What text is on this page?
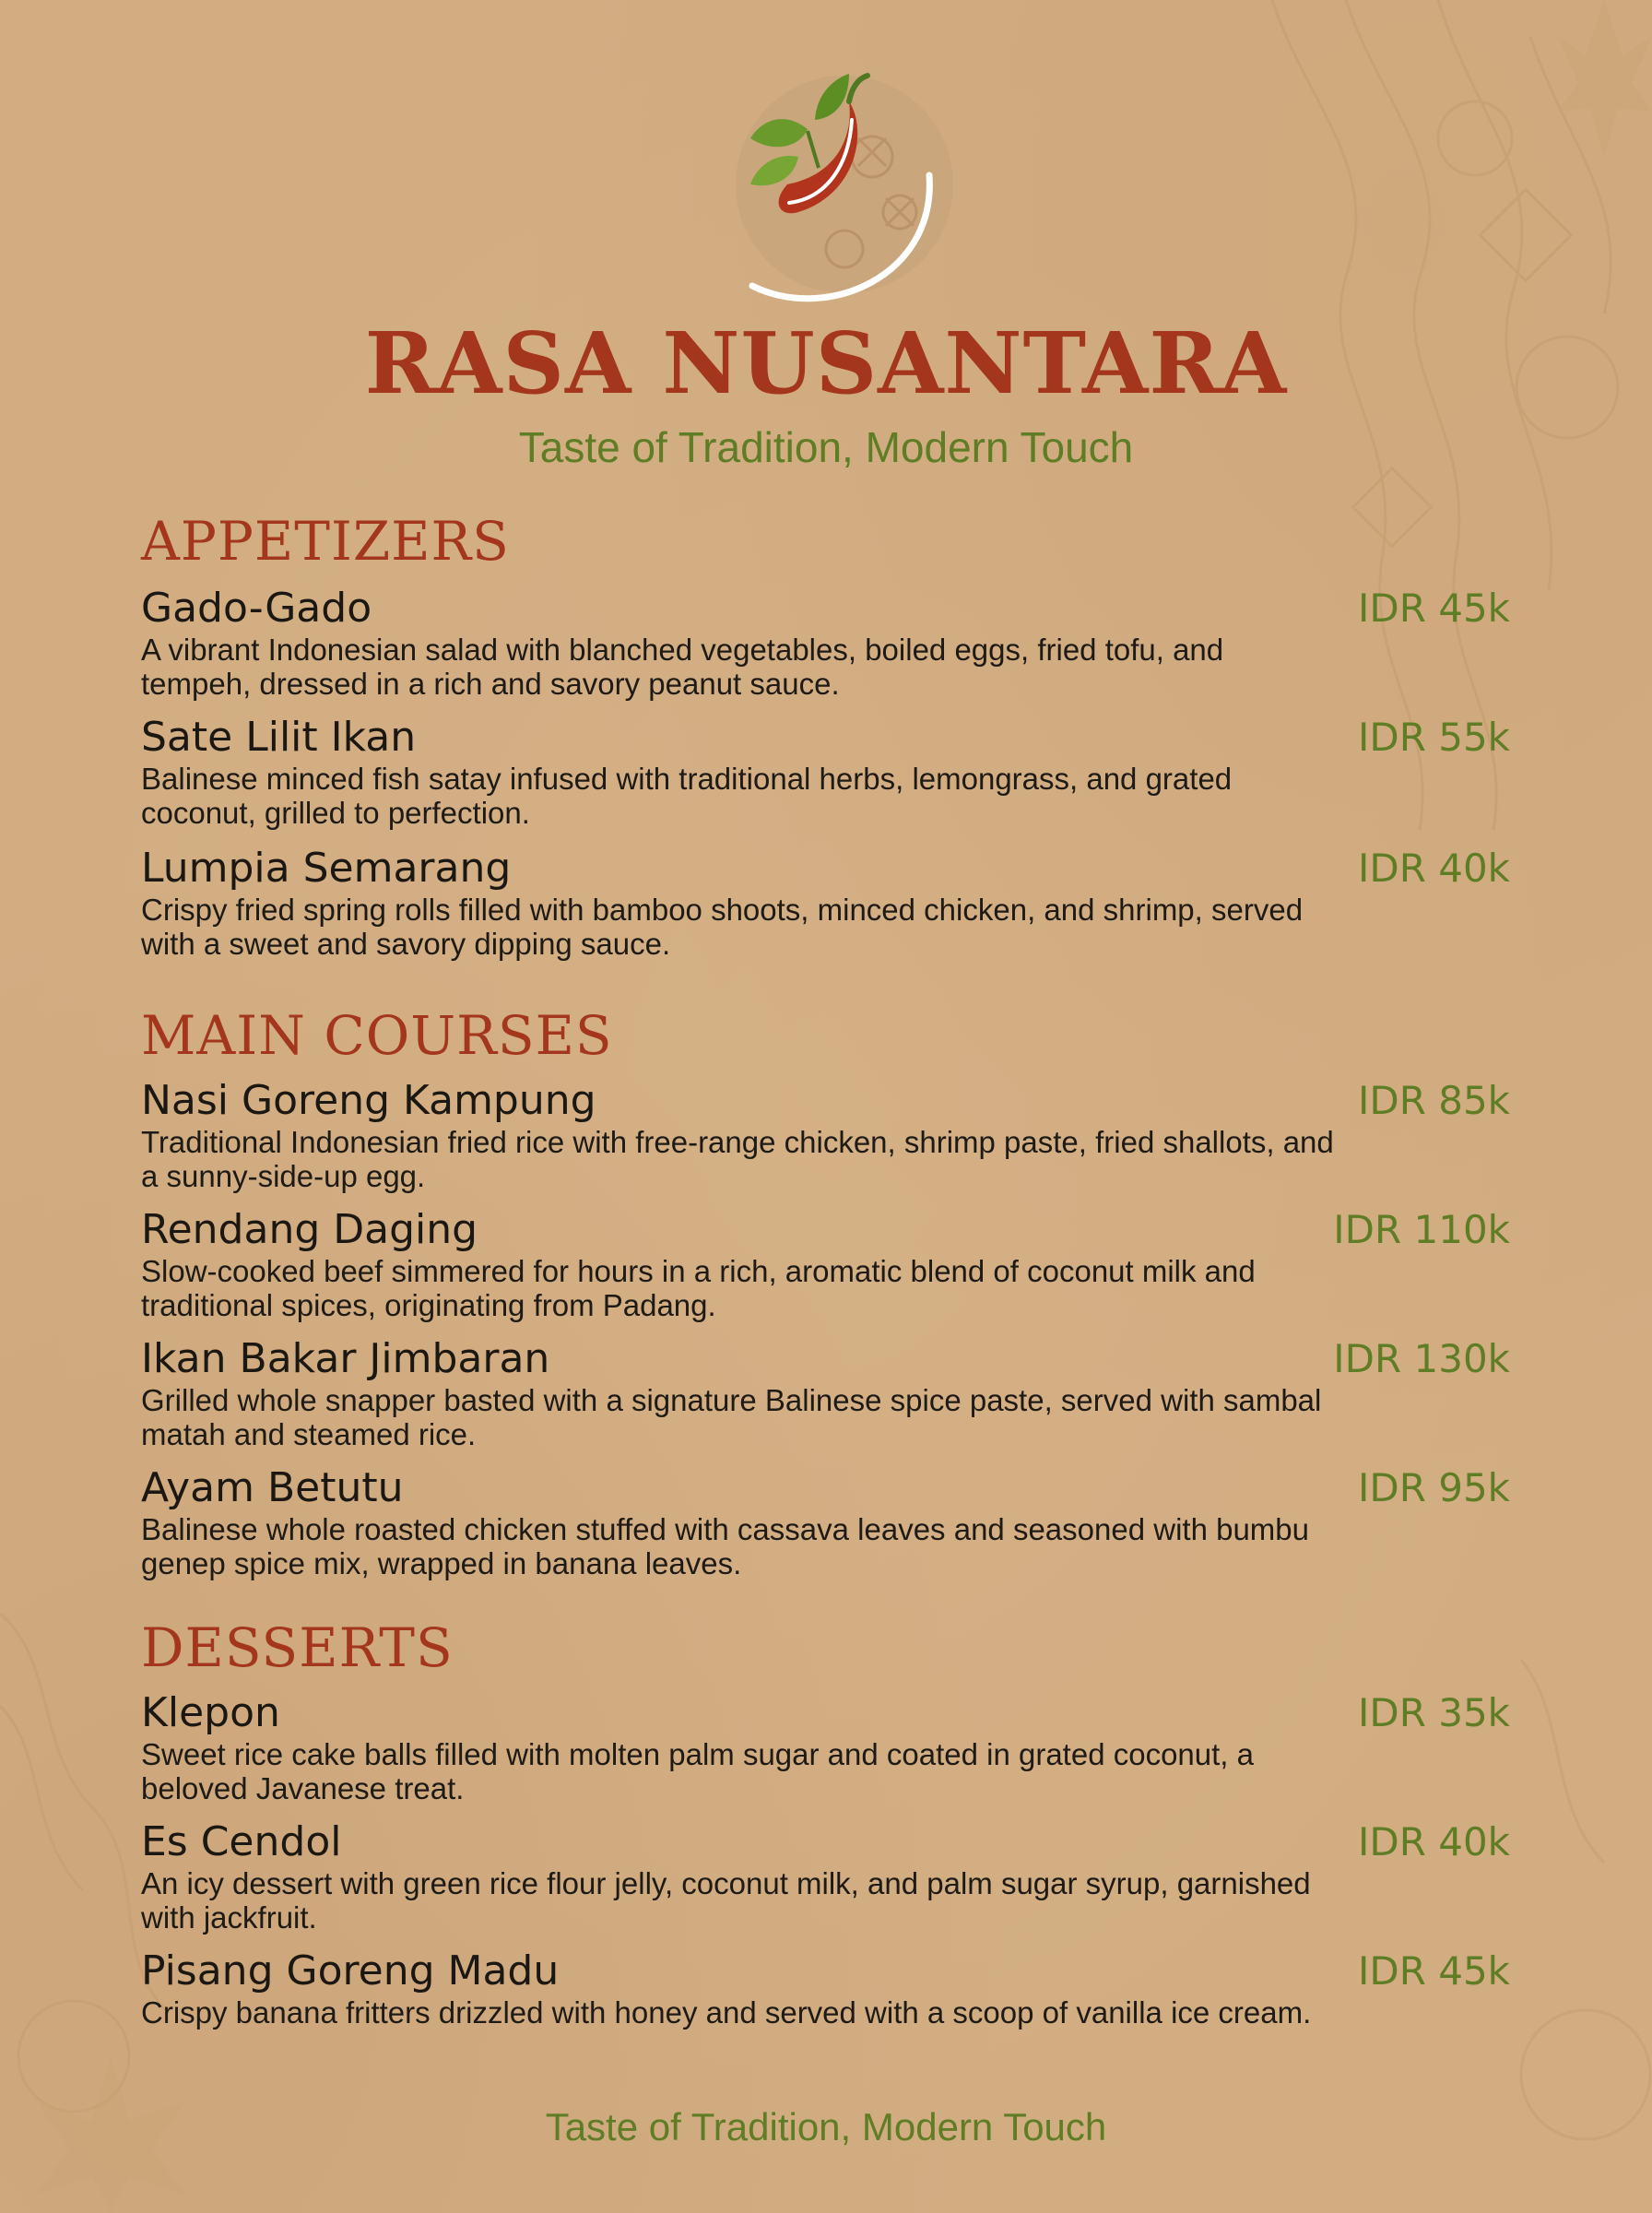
RASA NUSANTARA
Taste of Tradition, Modern Touch
APPETIZERS
Gado-Gado	IDR 45k
A vibrant Indonesian salad with blanched vegetables, boiled eggs, fried tofu, and tempeh, dressed in a rich and savory peanut sauce.
Sate Lilit Ikan	IDR 55k
Balinese minced fish satay infused with traditional herbs, lemongrass, and grated coconut, grilled to perfection.
Lumpia Semarang	IDR 40k
Crispy fried spring rolls filled with bamboo shoots, minced chicken, and shrimp, served with a sweet and savory dipping sauce.
MAIN COURSES
Nasi Goreng Kampung	IDR 85k
Traditional Indonesian fried rice with free-range chicken, shrimp paste, fried shallots, and a sunny-side-up egg.
Rendang Daging	IDR 110k
Slow-cooked beef simmered for hours in a rich, aromatic blend of coconut milk and traditional spices, originating from Padang.
Ikan Bakar Jimbaran	IDR 130k
Grilled whole snapper basted with a signature Balinese spice paste, served with sambal matah and steamed rice.
Ayam Betutu	IDR 95k
Balinese whole roasted chicken stuffed with cassava leaves and seasoned with bumbu genep spice mix, wrapped in banana leaves.
DESSERTS
Klepon	IDR 35k
Sweet rice cake balls filled with molten palm sugar and coated in grated coconut, a beloved Javanese treat.
Es Cendol	IDR 40k
An icy dessert with green rice flour jelly, coconut milk, and palm sugar syrup, garnished with jackfruit.
Pisang Goreng Madu	IDR 45k
Crispy banana fritters drizzled with honey and served with a scoop of vanilla ice cream.
Taste of Tradition, Modern Touch
